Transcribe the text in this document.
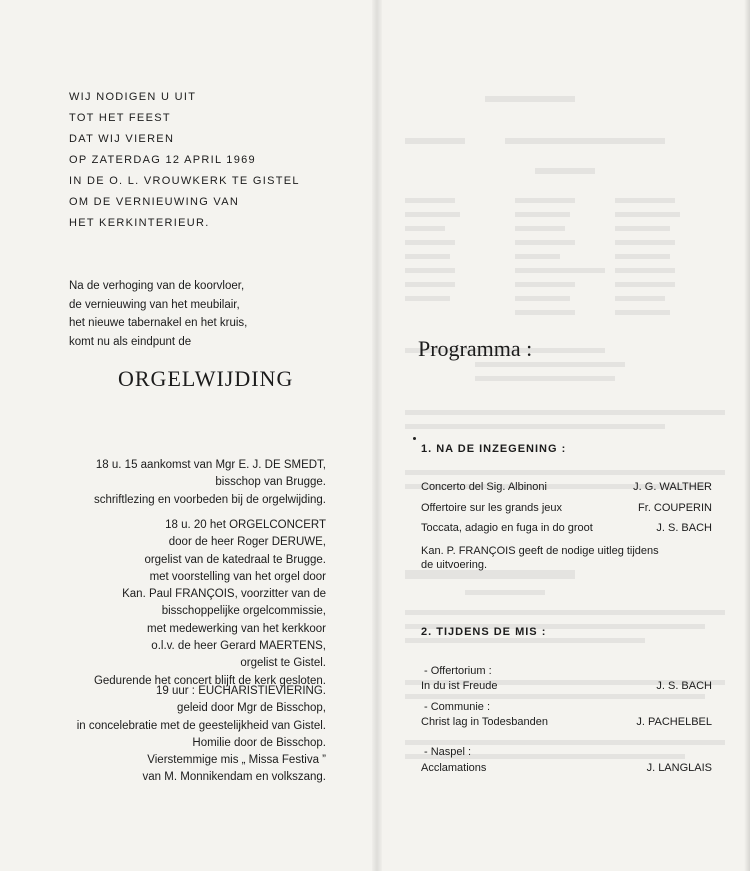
WIJ NODIGEN U UIT
TOT HET FEEST
DAT WIJ VIEREN
OP ZATERDAG 12 APRIL 1969
IN DE O. L. VROUWKERK TE GISTEL
OM DE VERNIEUWING VAN
HET KERKINTERIEUR.
Na de verhoging van de koorvloer,
de vernieuwing van het meubilair,
het nieuwe tabernakel en het kruis,
komt nu als eindpunt de
ORGELWIJDING
18 u. 15 aankomst van Mgr E. J. DE SMEDT,
bisschop van Brugge.
schriftlezing en voorbeden bij de orgelwijding.
18 u. 20 het ORGELCONCERT
door de heer Roger DERUWE,
orgelist van de katedraal te Brugge.
met voorstelling van het orgel door
Kan. Paul FRANÇOIS, voorzitter van de
bisschoppelijke orgelcommissie,
met medewerking van het kerkkoor
o.l.v. de heer Gerard MAERTENS,
orgelist te Gistel.
Gedurende het concert blijft de kerk gesloten.
19 uur : EUCHARISTIEVIERING.
geleid door Mgr de Bisschop,
in concelebratie met de geestelijkheid van Gistel.
Homilie door de Bisschop.
Vierstemmige mis „ Missa Festiva ”
van M. Monnikendam en volkszang.
Programma :
1. NA DE INZEGENING :
Concerto del Sig. Albinoni	J. G. WALTHER
Offertoire sur les grands jeux	Fr. COUPERIN
Toccata, adagio en fuga in do groot	J. S. BACH
Kan. P. FRANÇOIS geeft de nodige uitleg tijdens
de uitvoering.
2. TIJDENS DE MIS :
- Offertorium :
In du ist Freude	J. S. BACH
- Communie :
Christ lag in Todesbanden	J. PACHELBEL
- Naspel :
Acclamations	J. LANGLAIS
